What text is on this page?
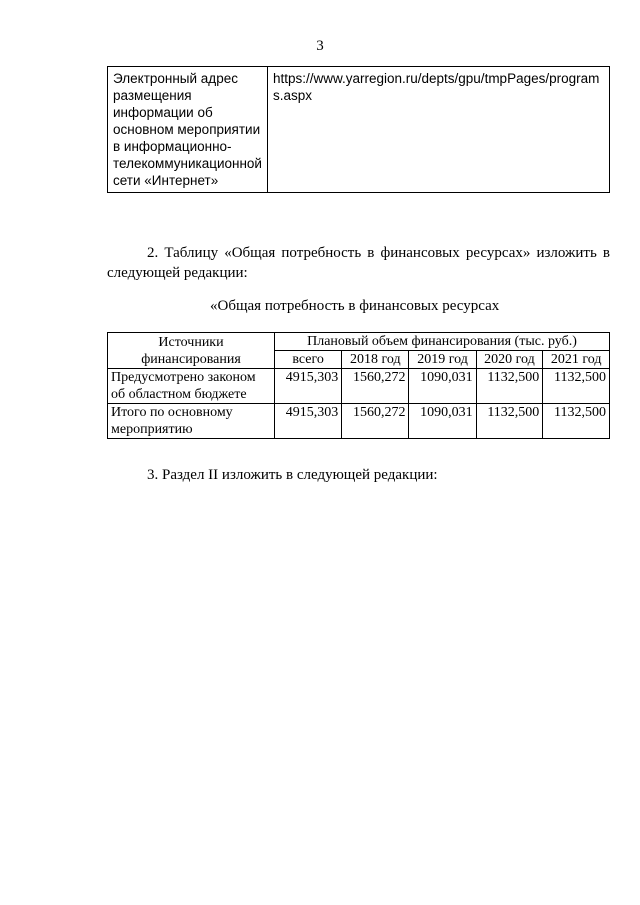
3
Электронный адрес размещения информации об основном мероприятии в информационно-телекоммуникационной сети «Интернет»	https://www.yarregion.ru/depts/gpu/tmpPages/programs.aspx
2. Таблицу «Общая потребность в финансовых ресурсах» изложить в следующей редакции:
«Общая потребность в финансовых ресурсах
Источники финансирования	Плановый объем финансирования (тыс. руб.)				
	всего	2018 год	2019 год	2020 год	2021 год
Предусмотрено законом об областном бюджете	4915,303	1560,272	1090,031	1132,500	1132,500
Итого по основному мероприятию	4915,303	1560,272	1090,031	1132,500	1132,500
3. Раздел II изложить в следующей редакции:
